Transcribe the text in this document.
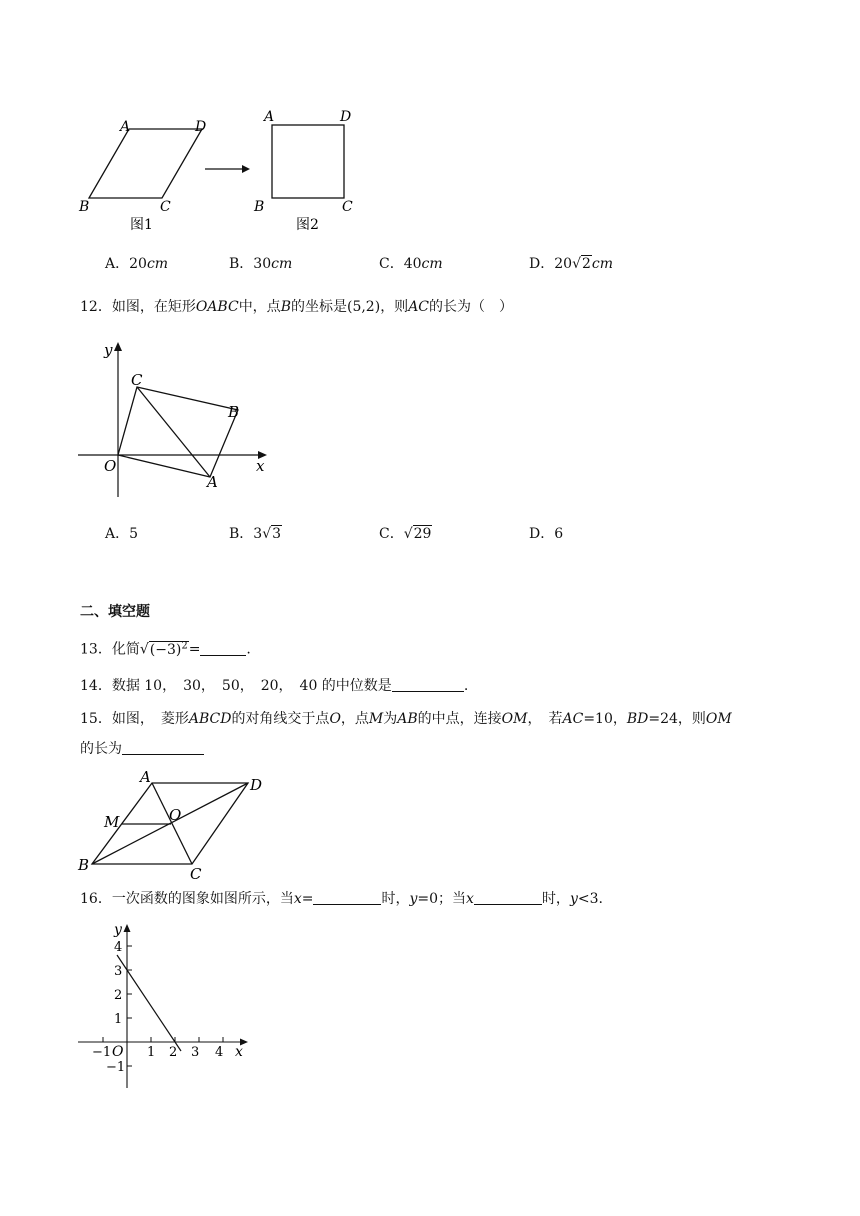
A	D
B	C
A	D
B	C
图1	图2
A．20cm	B．30cm	C．40cm	D．20√2cm
12．如图，在矩形OABC中，点B的坐标是(5,2)，则AC的长为（　）
y
x
O
C
B
A
A．5	B．3√3	C．√29	D．6
二、填空题
13．化简$√(-3)^2=$	.
14．数据 10，　30，　50，　20，　40 的中位数是	.
15．如图，　菱形ABCD的对角线交于点O，点M为AB的中点，连接OM，　若AC=10，BD=24，则OM
的长为
A	D
M	O
B	C
16．一次函数的图象如图所示，当x=	时，y=0；当x	时，y<3.
y
x
O
4
3
2
1
−1
−1	1 2 3 4
